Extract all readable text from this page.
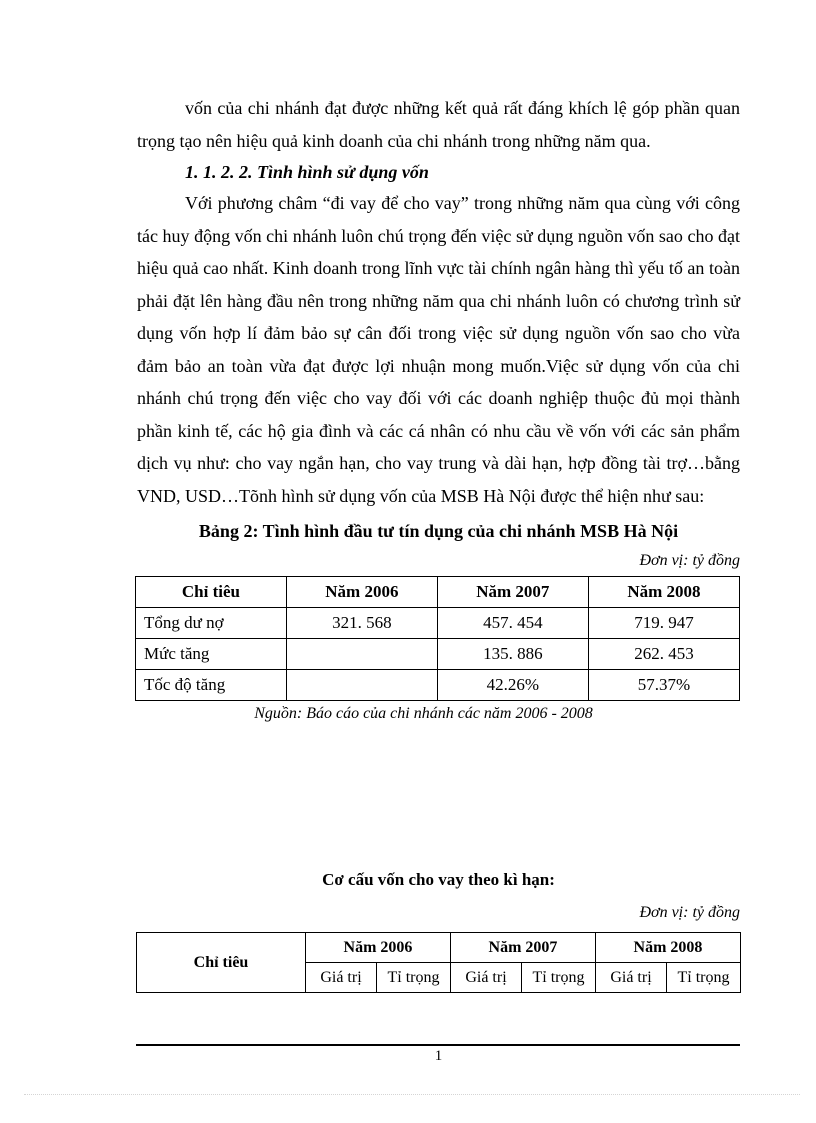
vốn của chi nhánh đạt được những kết quả rất đáng khích lệ góp phần quan trọng tạo nên hiệu quả kinh doanh của chi nhánh trong những năm qua.

1. 1. 2. 2. Tình hình sử dụng vốn

Với phương châm “đi vay để cho vay” trong những năm qua cùng với công tác huy động vốn chi nhánh luôn chú trọng đến việc sử dụng nguồn vốn sao cho đạt hiệu quả cao nhất. Kinh doanh trong lĩnh vực tài chính ngân hàng thì yếu tố an toàn phải đặt lên hàng đầu nên trong những năm qua chi nhánh luôn có chương trình sử dụng vốn hợp lí đảm bảo sự cân đối trong việc sử dụng nguồn vốn sao cho vừa đảm bảo an toàn vừa đạt được lợi nhuận mong muốn.Việc sử dụng vốn của chi nhánh chú trọng đến việc cho vay đối với các doanh nghiệp thuộc đủ mọi thành phần kinh tế, các hộ gia đình và các cá nhân có nhu cầu về vốn với các sản phẩm dịch vụ như: cho vay ngắn hạn, cho vay trung và dài hạn, hợp đồng tài trợ…bằng VND, USD…Tõnh hình sử dụng vốn của MSB Hà Nội được thể hiện như sau:

Bảng 2: Tình hình đầu tư tín dụng của chi nhánh MSB Hà Nội

Đơn vị: tỷ đồng

Chỉ tiêu	Năm 2006	Năm 2007	Năm 2008
Tổng dư nợ	321. 568	457. 454	719. 947
Mức tăng		135. 886	262. 453
Tốc độ tăng		42.26%	57.37%

Nguồn: Báo cáo của chi nhánh các năm 2006 - 2008

Cơ cấu vốn cho vay theo kì hạn:
Đơn vị: tỷ đồng
Chỉ tiêu	Năm 2006		Năm 2007		Năm 2008	
	Giá trị	Tỉ trọng	Giá trị	Tỉ trọng	Giá trị	Tỉ trọng
1
